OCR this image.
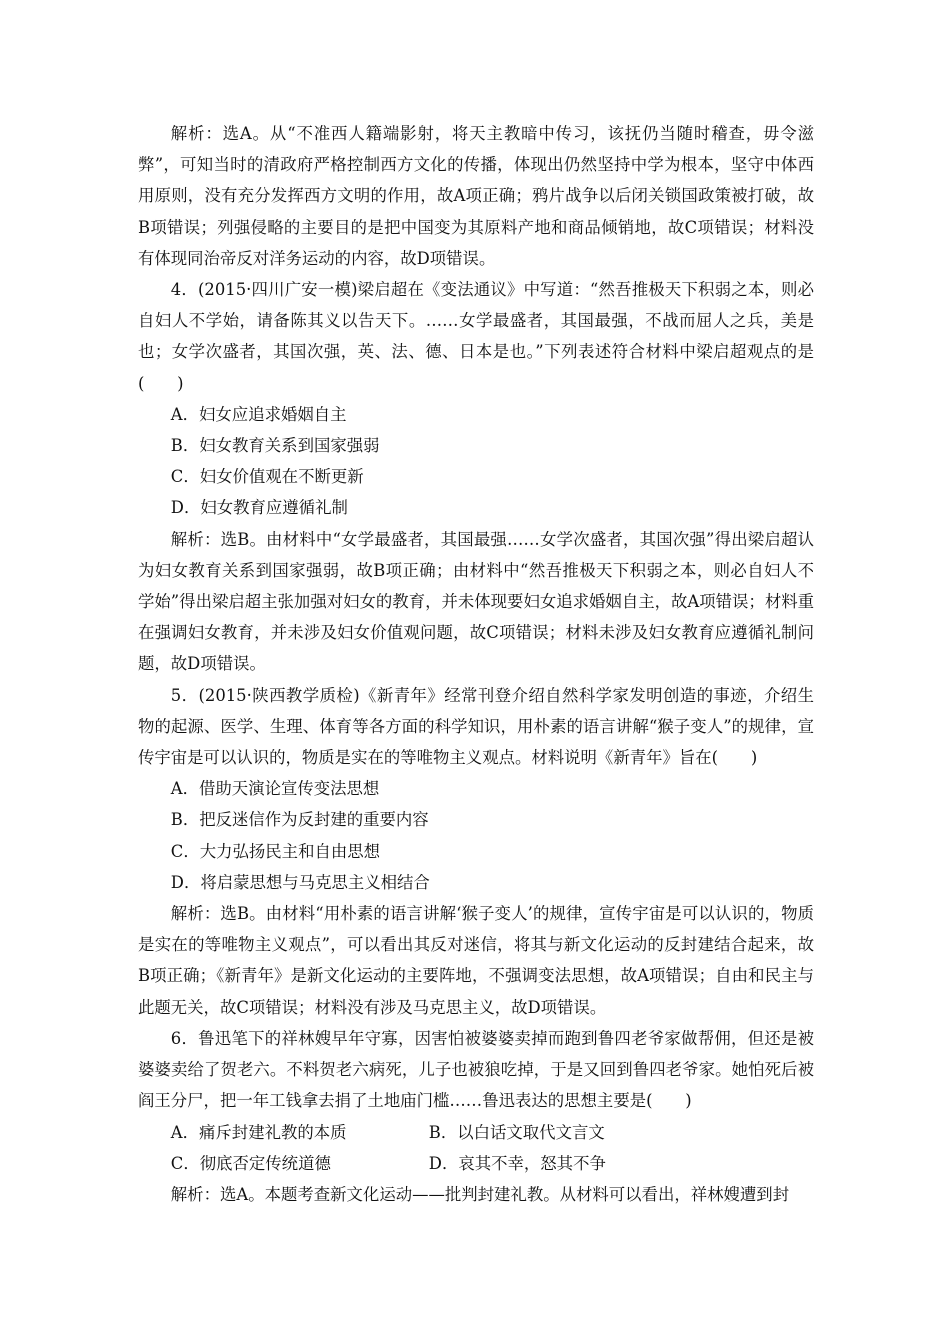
解析：选A。从“不准西人籍端影射，将天主教暗中传习，该抚仍当随时稽查，毋令滋弊”，可知当时的清政府严格控制西方文化的传播，体现出仍然坚持中学为根本，坚守中体西用原则，没有充分发挥西方文明的作用，故A项正确；鸦片战争以后闭关锁国政策被打破，故B项错误；列强侵略的主要目的是把中国变为其原料产地和商品倾销地，故C项错误；材料没有体现同治帝反对洋务运动的内容，故D项错误。

4．(2015·四川广安一模)梁启超在《变法通议》中写道：“然吾推极天下积弱之本，则必自妇人不学始，请备陈其义以告天下。……女学最盛者，其国最强，不战而屈人之兵，美是也；女学次盛者，其国次强，英、法、德、日本是也。”下列表述符合材料中梁启超观点的是(　　)

A．妇女应追求婚姻自主

B．妇女教育关系到国家强弱

C．妇女价值观在不断更新

D．妇女教育应遵循礼制

解析：选B。由材料中“女学最盛者，其国最强……女学次盛者，其国次强”得出梁启超认为妇女教育关系到国家强弱，故B项正确；由材料中“然吾推极天下积弱之本，则必自妇人不学始”得出梁启超主张加强对妇女的教育，并未体现要妇女追求婚姻自主，故A项错误；材料重在强调妇女教育，并未涉及妇女价值观问题，故C项错误；材料未涉及妇女教育应遵循礼制问题，故D项错误。

5．(2015·陕西教学质检)《新青年》经常刊登介绍自然科学家发明创造的事迹，介绍生物的起源、医学、生理、体育等各方面的科学知识，用朴素的语言讲解“猴子变人”的规律，宣传宇宙是可以认识的，物质是实在的等唯物主义观点。材料说明《新青年》旨在(　　)

A．借助天演论宣传变法思想

B．把反迷信作为反封建的重要内容

C．大力弘扬民主和自由思想

D．将启蒙思想与马克思主义相结合

解析：选B。由材料“用朴素的语言讲解‘猴子变人’的规律，宣传宇宙是可以认识的，物质是实在的等唯物主义观点”，可以看出其反对迷信，将其与新文化运动的反封建结合起来，故B项正确；《新青年》是新文化运动的主要阵地，不强调变法思想，故A项错误；自由和民主与此题无关，故C项错误；材料没有涉及马克思主义，故D项错误。

6．鲁迅笔下的祥林嫂早年守寡，因害怕被婆婆卖掉而跑到鲁四老爷家做帮佣，但还是被婆婆卖给了贺老六。不料贺老六病死，儿子也被狼吃掉，于是又回到鲁四老爷家。她怕死后被阎王分尸，把一年工钱拿去捐了土地庙门槛……鲁迅表达的思想主要是(　　)

A．痛斥封建礼教的本质	B．以白话文取代文言文
C．彻底否定传统道德	D．哀其不幸，怒其不争

解析：选A。本题考查新文化运动——批判封建礼教。从材料可以看出，祥林嫂遭到封
